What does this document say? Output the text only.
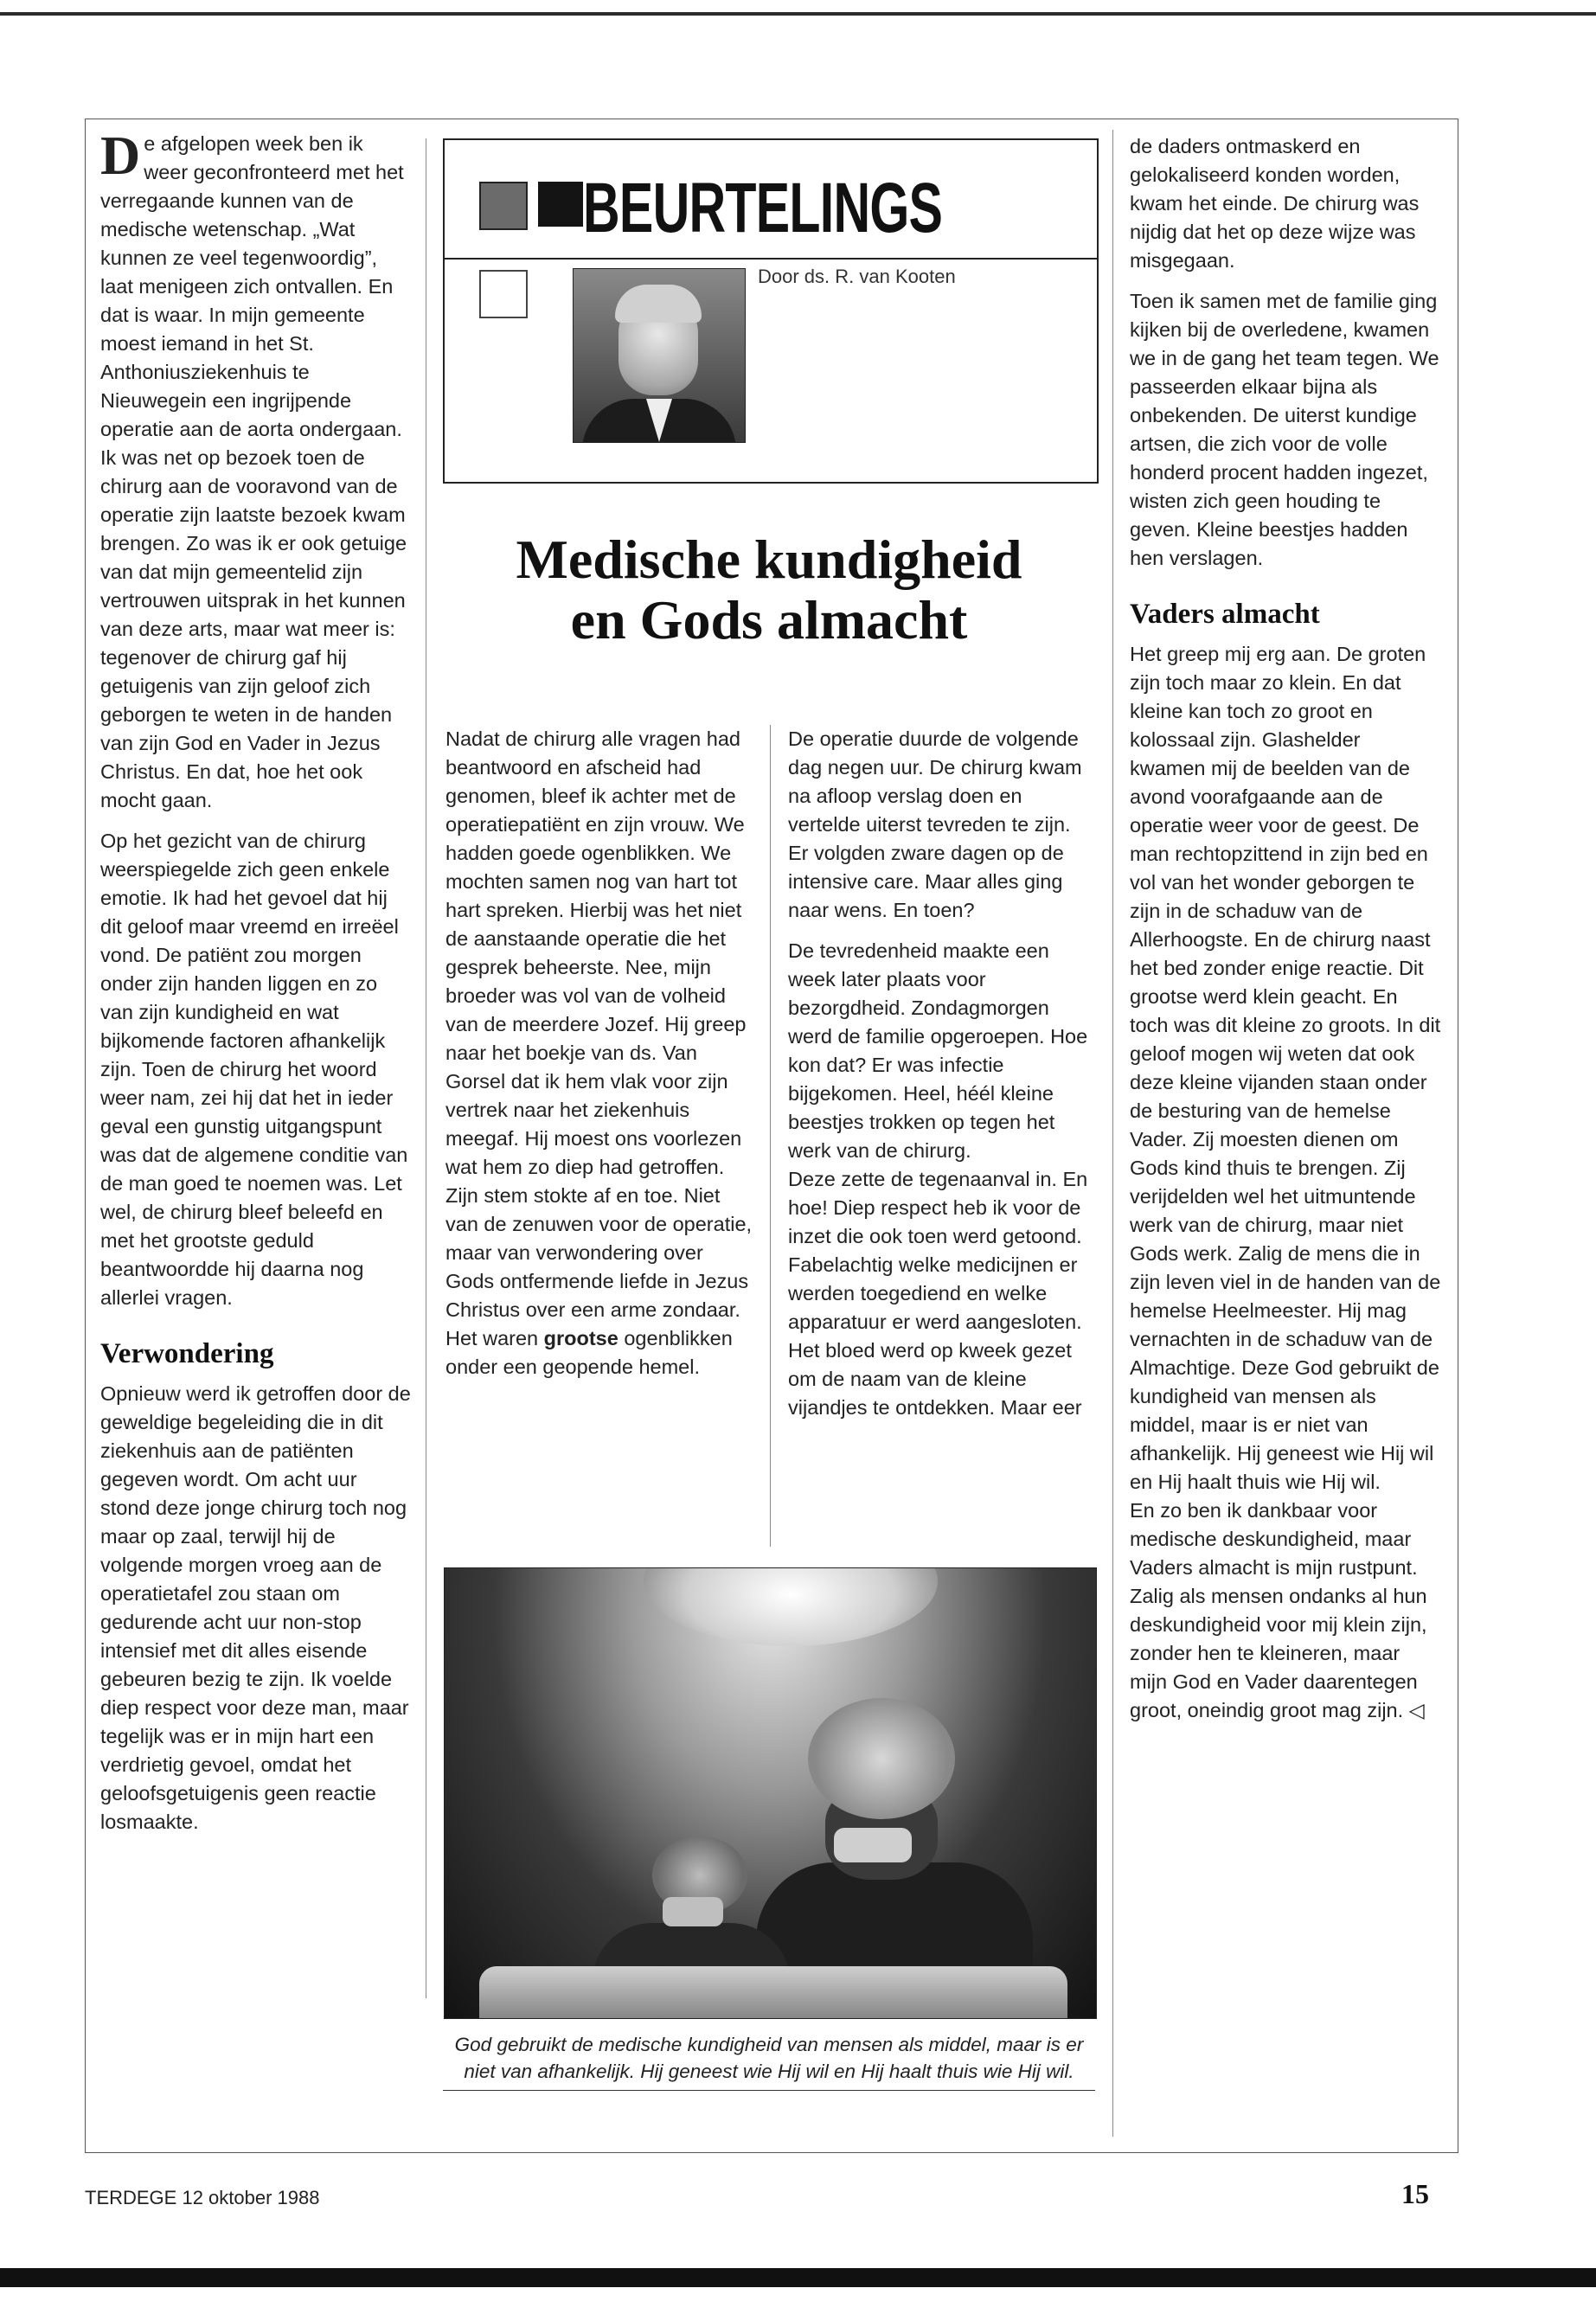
De afgelopen week ben ik weer geconfronteerd met het verregaande kunnen van de medische wetenschap. „Wat kunnen ze veel tegenwoordig”, laat menigeen zich ontvallen. En dat is waar. In mijn gemeente moest iemand in het St. Anthoniusziekenhuis te Nieuwegein een ingrijpende operatie aan de aorta ondergaan. Ik was net op bezoek toen de chirurg aan de vooravond van de operatie zijn laatste bezoek kwam brengen. Zo was ik er ook getuige van dat mijn gemeentelid zijn vertrouwen uitsprak in het kunnen van deze arts, maar wat meer is: tegenover de chirurg gaf hij getuigenis van zijn geloof zich geborgen te weten in de handen van zijn God en Vader in Jezus Christus. En dat, hoe het ook mocht gaan.

Op het gezicht van de chirurg weerspiegelde zich geen enkele emotie. Ik had het gevoel dat hij dit geloof maar vreemd en irreëel vond. De patiënt zou morgen onder zijn handen liggen en zo van zijn kundigheid en wat bijkomende factoren afhankelijk zijn. Toen de chirurg het woord weer nam, zei hij dat het in ieder geval een gunstig uitgangspunt was dat de algemene conditie van de man goed te noemen was. Let wel, de chirurg bleef beleefd en met het grootste geduld beantwoordde hij daarna nog allerlei vragen.

Verwondering

Opnieuw werd ik getroffen door de geweldige begeleiding die in dit ziekenhuis aan de patiënten gegeven wordt. Om acht uur stond deze jonge chirurg toch nog maar op zaal, terwijl hij de volgende morgen vroeg aan de operatietafel zou staan om gedurende acht uur non-stop intensief met dit alles eisende gebeuren bezig te zijn. Ik voelde diep respect voor deze man, maar tegelijk was er in mijn hart een verdrietig gevoel, omdat het geloofsgetuigenis geen reactie losmaakte.

BEURTELINGS
Door ds. R. van Kooten
Medische kundigheid
en Gods almacht

Nadat de chirurg alle vragen had beantwoord en afscheid had genomen, bleef ik achter met de operatiepatiënt en zijn vrouw. We hadden goede ogenblikken. We mochten samen nog van hart tot hart spreken. Hierbij was het niet de aanstaande operatie die het gesprek beheerste. Nee, mijn broeder was vol van de volheid van de meerdere Jozef. Hij greep naar het boekje van ds. Van Gorsel dat ik hem vlak voor zijn vertrek naar het ziekenhuis meegaf. Hij moest ons voorlezen wat hem zo diep had getroffen. Zijn stem stokte af en toe. Niet van de zenuwen voor de operatie, maar van verwondering over Gods ontfermende liefde in Jezus Christus over een arme zondaar. Het waren grootse ogenblikken onder een geopende hemel.

De operatie duurde de volgende dag negen uur. De chirurg kwam na afloop verslag doen en vertelde uiterst tevreden te zijn. Er volgden zware dagen op de intensive care. Maar alles ging naar wens. En toen?

De tevredenheid maakte een week later plaats voor bezorgdheid. Zondagmorgen werd de familie opgeroepen. Hoe kon dat? Er was infectie bijgekomen. Heel, héél kleine beestjes trokken op tegen het werk van de chirurg.

Deze zette de tegenaanval in. En hoe! Diep respect heb ik voor de inzet die ook toen werd getoond. Fabelachtig welke medicijnen er werden toegediend en welke apparatuur er werd aangesloten. Het bloed werd op kweek gezet om de naam van de kleine vijandjes te ontdekken. Maar eer

God gebruikt de medische kundigheid van mensen als middel, maar is er niet van afhankelijk. Hij geneest wie Hij wil en Hij haalt thuis wie Hij wil.

de daders ontmaskerd en gelokaliseerd konden worden, kwam het einde. De chirurg was nijdig dat het op deze wijze was misgegaan.

Toen ik samen met de familie ging kijken bij de overledene, kwamen we in de gang het team tegen. We passeerden elkaar bijna als onbekenden. De uiterst kundige artsen, die zich voor de volle honderd procent hadden ingezet, wisten zich geen houding te geven. Kleine beestjes hadden hen verslagen.

Vaders almacht

Het greep mij erg aan. De groten zijn toch maar zo klein. En dat kleine kan toch zo groot en kolossaal zijn. Glashelder kwamen mij de beelden van de avond voorafgaande aan de operatie weer voor de geest. De man rechtopzittend in zijn bed en vol van het wonder geborgen te zijn in de schaduw van de Allerhoogste. En de chirurg naast het bed zonder enige reactie. Dit grootse werd klein geacht. En toch was dit kleine zo groots. In dit geloof mogen wij weten dat ook deze kleine vijanden staan onder de besturing van de hemelse Vader. Zij moesten dienen om Gods kind thuis te brengen. Zij verijdelden wel het uitmuntende werk van de chirurg, maar niet Gods werk. Zalig de mens die in zijn leven viel in de handen van de hemelse Heelmeester. Hij mag vernachten in de schaduw van de Almachtige. Deze God gebruikt de kundigheid van mensen als middel, maar is er niet van afhankelijk. Hij geneest wie Hij wil en Hij haalt thuis wie Hij wil.

En zo ben ik dankbaar voor medische deskundigheid, maar Vaders almacht is mijn rustpunt. Zalig als mensen ondanks al hun deskundigheid voor mij klein zijn, zonder hen te kleineren, maar mijn God en Vader daarentegen groot, oneindig groot mag zijn. ◁

TERDEGE 12 oktober 1988	15
